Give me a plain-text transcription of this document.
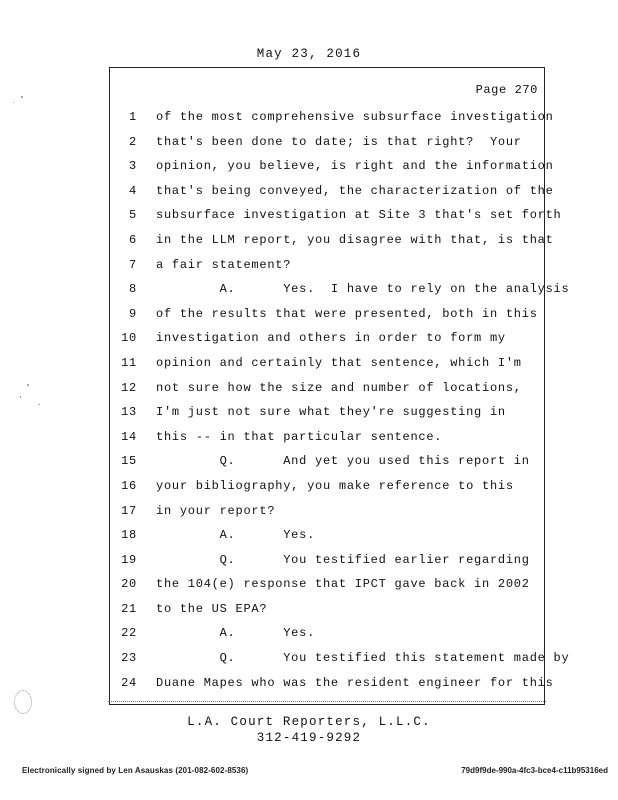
May 23, 2016
Page 270
1 of the most comprehensive subsurface investigation
2 that's been done to date; is that right?  Your
3 opinion, you believe, is right and the information
4 that's being conveyed, the characterization of the
5 subsurface investigation at Site 3 that's set forth
6 in the LLM report, you disagree with that, is that
7 a fair statement?
8 A.      Yes.  I have to rely on the analysis
9 of the results that were presented, both in this
10 investigation and others in order to form my
11 opinion and certainly that sentence, which I'm
12 not sure how the size and number of locations,
13 I'm just not sure what they're suggesting in
14 this -- in that particular sentence.
15 Q.      And yet you used this report in
16 your bibliography, you make reference to this
17 in your report?
18 A.      Yes.
19 Q.      You testified earlier regarding
20 the 104(e) response that IPCT gave back in 2002
21 to the US EPA?
22 A.      Yes.
23 Q.      You testified this statement made by
24 Duane Mapes who was the resident engineer for this
L.A. Court Reporters, L.L.C.
312-419-9292
Electronically signed by Len Asauskas (201-082-602-8536)	79d9f9de-990a-4fc3-bce4-c11b95316ed
